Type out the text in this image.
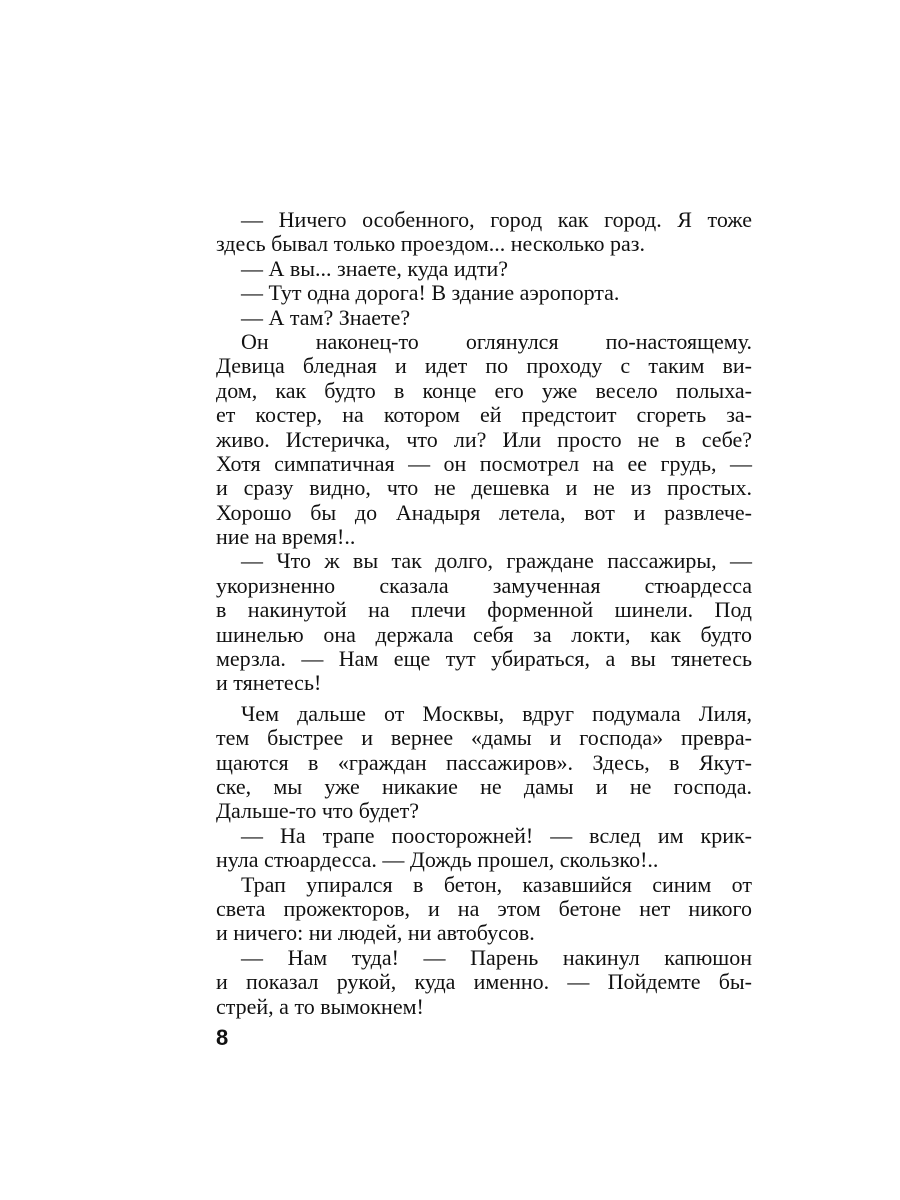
— Ничего особенного, город как город. Я тоже
здесь бывал только проездом... несколько раз.
— А вы... знаете, куда идти?
— Тут одна дорога! В здание аэропорта.
— А там? Знаете?
Он наконец-то оглянулся по-настоящему.
Девица бледная и идет по проходу с таким ви-
дом, как будто в конце его уже весело полыха-
ет костер, на котором ей предстоит сгореть за-
живо. Истеричка, что ли? Или просто не в себе?
Хотя симпатичная — он посмотрел на ее грудь, —
и сразу видно, что не дешевка и не из простых.
Хорошо бы до Анадыря летела, вот и развлече-
ние на время!..
— Что ж вы так долго, граждане пассажиры, —
укоризненно сказала замученная стюардесса
в накинутой на плечи форменной шинели. Под
шинелью она держала себя за локти, как будто
мерзла. — Нам еще тут убираться, а вы тянетесь
и тянетесь!
Чем дальше от Москвы, вдруг подумала Лиля,
тем быстрее и вернее «дамы и господа» превра-
щаются в «граждан пассажиров». Здесь, в Якут-
ске, мы уже никакие не дамы и не господа.
Дальше-то что будет?
— На трапе поосторожней! — вслед им крик-
нула стюардесса. — Дождь прошел, скользко!..
Трап упирался в бетон, казавшийся синим от
света прожекторов, и на этом бетоне нет никого
и ничего: ни людей, ни автобусов.
— Нам туда! — Парень накинул капюшон
и показал рукой, куда именно. — Пойдемте бы-
стрей, а то вымокнем!
8
